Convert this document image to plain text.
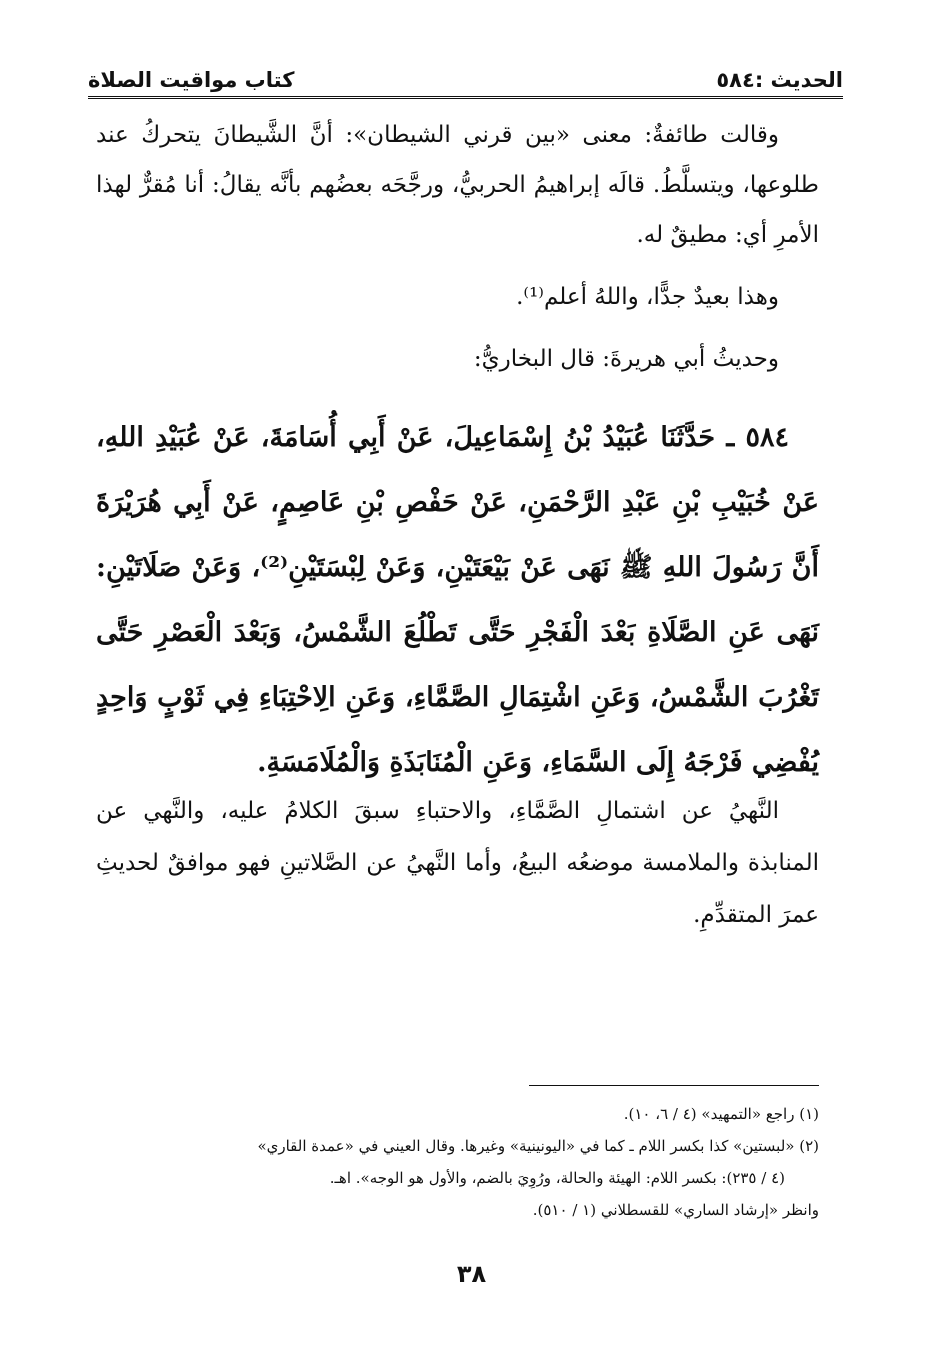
الحديث :٥٨٤
كتاب مواقيت الصلاة

وقالت طائفةٌ: معنى «بين قرني الشيطان»: أنَّ الشَّيطانَ يتحركُ عند طلوعها، ويتسلَّطُ. قالَه إبراهيمُ الحربيُّ، ورجَّحَه بعضُهم بأنَّه يقالُ: أنا مُقرٌّ لهذا الأمرِ أي: مطيقٌ له.

وهذا بعيدٌ جدًّا، واللهُ أعلم⁽¹⁾.

وحديثُ أبي هريرةَ: قال البخاريُّ:

٥٨٤ ـ حَدَّثَنَا عُبَيْدُ بْنُ إِسْمَاعِيلَ، عَنْ أَبِي أُسَامَةَ، عَنْ عُبَيْدِ اللهِ، عَنْ خُبَيْبِ بْنِ عَبْدِ الرَّحْمَنِ، عَنْ حَفْصِ بْنِ عَاصِمٍ، عَنْ أَبِي هُرَيْرَةَ أَنَّ رَسُولَ اللهِ ﷺ نَهَى عَنْ بَيْعَتَيْنِ، وَعَنْ لِبْسَتَيْنِ⁽²⁾، وَعَنْ صَلَاتَيْنِ: نَهَى عَنِ الصَّلَاةِ بَعْدَ الْفَجْرِ حَتَّى تَطْلُعَ الشَّمْسُ، وَبَعْدَ الْعَصْرِ حَتَّى تَغْرُبَ الشَّمْسُ، وَعَنِ اشْتِمَالِ الصَّمَّاءِ، وَعَنِ الِاحْتِبَاءِ فِي ثَوْبٍ وَاحِدٍ يُفْضِي فَرْجَهُ إِلَى السَّمَاءِ، وَعَنِ الْمُنَابَذَةِ وَالْمُلَامَسَةِ.

النَّهيُ عن اشتمالِ الصَّمَّاءِ، والاحتباءِ سبقَ الكلامُ عليه، والنَّهي عن المنابذة والملامسة موضعُه البيعُ، وأما النَّهيُ عن الصَّلاتينِ فهو موافقٌ لحديثِ عمرَ المتقدِّمِ.

(١) راجع «التمهيد» (٤ / ٦، ١٠).

(٢) «لبستين» كذا بكسر اللام ـ كما في «اليونينية» وغيرها. وقال العيني في «عمدة القاري»

(٤ / ٢٣٥): بكسر اللام: الهيئة والحالة، ورُوِيَ بالضم، والأول هو الوجه». اهـ.

وانظر «إرشاد الساري» للقسطلاني (١ / ٥١٠).

٣٨
